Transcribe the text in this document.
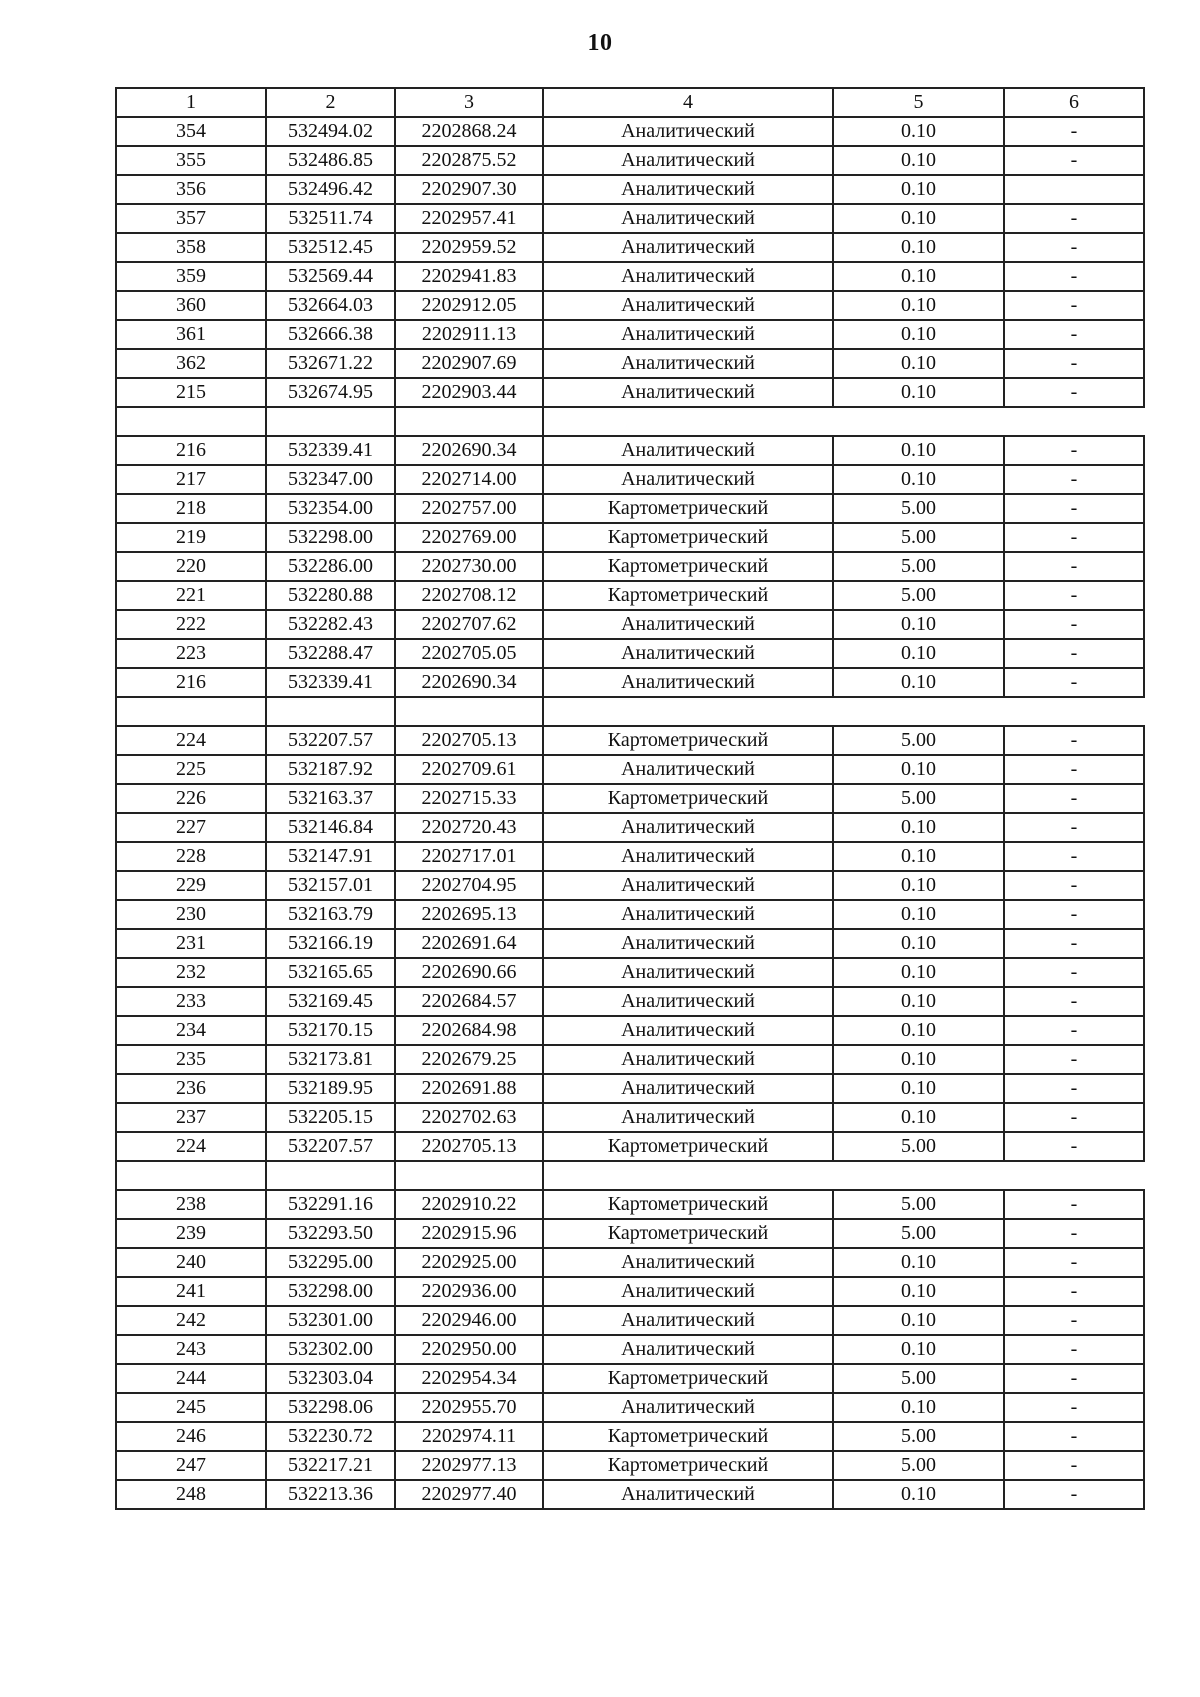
10
1	2	3	4	5	6
354	532494.02	2202868.24	Аналитический	0.10	-
355	532486.85	2202875.52	Аналитический	0.10	-
356	532496.42	2202907.30	Аналитический	0.10	
357	532511.74	2202957.41	Аналитический	0.10	-
358	532512.45	2202959.52	Аналитический	0.10	-
359	532569.44	2202941.83	Аналитический	0.10	-
360	532664.03	2202912.05	Аналитический	0.10	-
361	532666.38	2202911.13	Аналитический	0.10	-
362	532671.22	2202907.69	Аналитический	0.10	-
215	532674.95	2202903.44	Аналитический	0.10	-

216	532339.41	2202690.34	Аналитический	0.10	-
217	532347.00	2202714.00	Аналитический	0.10	-
218	532354.00	2202757.00	Картометрический	5.00	-
219	532298.00	2202769.00	Картометрический	5.00	-
220	532286.00	2202730.00	Картометрический	5.00	-
221	532280.88	2202708.12	Картометрический	5.00	-
222	532282.43	2202707.62	Аналитический	0.10	-
223	532288.47	2202705.05	Аналитический	0.10	-
216	532339.41	2202690.34	Аналитический	0.10	-

224	532207.57	2202705.13	Картометрический	5.00	-
225	532187.92	2202709.61	Аналитический	0.10	-
226	532163.37	2202715.33	Картометрический	5.00	-
227	532146.84	2202720.43	Аналитический	0.10	-
228	532147.91	2202717.01	Аналитический	0.10	-
229	532157.01	2202704.95	Аналитический	0.10	-
230	532163.79	2202695.13	Аналитический	0.10	-
231	532166.19	2202691.64	Аналитический	0.10	-
232	532165.65	2202690.66	Аналитический	0.10	-
233	532169.45	2202684.57	Аналитический	0.10	-
234	532170.15	2202684.98	Аналитический	0.10	-
235	532173.81	2202679.25	Аналитический	0.10	-
236	532189.95	2202691.88	Аналитический	0.10	-
237	532205.15	2202702.63	Аналитический	0.10	-
224	532207.57	2202705.13	Картометрический	5.00	-

238	532291.16	2202910.22	Картометрический	5.00	-
239	532293.50	2202915.96	Картометрический	5.00	-
240	532295.00	2202925.00	Аналитический	0.10	-
241	532298.00	2202936.00	Аналитический	0.10	-
242	532301.00	2202946.00	Аналитический	0.10	-
243	532302.00	2202950.00	Аналитический	0.10	-
244	532303.04	2202954.34	Картометрический	5.00	-
245	532298.06	2202955.70	Аналитический	0.10	-
246	532230.72	2202974.11	Картометрический	5.00	-
247	532217.21	2202977.13	Картометрический	5.00	-
248	532213.36	2202977.40	Аналитический	0.10	-
